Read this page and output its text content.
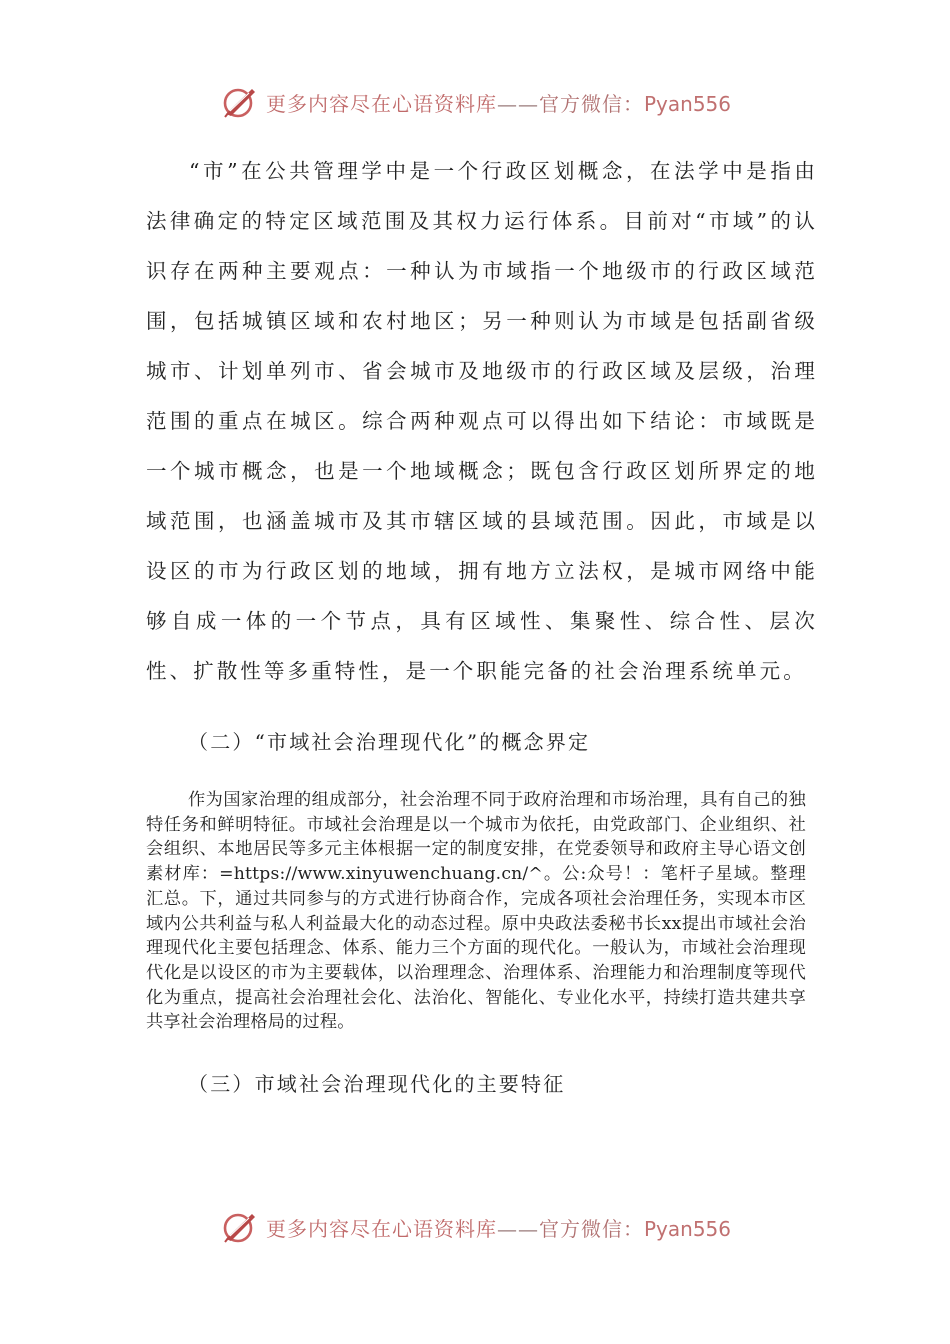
更多内容尽在心语资料库——官方微信：Pyan556

“市”在公共管理学中是一个行政区划概念，在法学中是指由法律确定的特定区域范围及其权力运行体系。目前对“市域”的认识存在两种主要观点：一种认为市域指一个地级市的行政区域范围，包括城镇区域和农村地区；另一种则认为市域是包括副省级城市、计划单列市、省会城市及地级市的行政区域及层级，治理范围的重点在城区。综合两种观点可以得出如下结论：市域既是一个城市概念，也是一个地域概念；既包含行政区划所界定的地域范围，也涵盖城市及其市辖区域的县域范围。因此，市域是以设区的市为行政区划的地域，拥有地方立法权，是城市网络中能够自成一体的一个节点，具有区域性、集聚性、综合性、层次性、扩散性等多重特性，是一个职能完备的社会治理系统单元。

（二）“市域社会治理现代化”的概念界定

作为国家治理的组成部分，社会治理不同于政府治理和市场治理，具有自己的独特任务和鲜明特征。市域社会治理是以一个城市为依托，由党政部门、企业组织、社会组织、本地居民等多元主体根据一定的制度安排，在党委领导和政府主导心语文创素材库：=https://www.xinyuwenchuang.cn/^。公:众号！：笔杆子星域。整理汇总。下，通过共同参与的方式进行协商合作，完成各项社会治理任务，实现本市区域内公共利益与私人利益最大化的动态过程。原中央政法委秘书长xx提出市域社会治理现代化主要包括理念、体系、能力三个方面的现代化。一般认为，市域社会治理现代化是以设区的市为主要载体，以治理理念、治理体系、治理能力和治理制度等现代化为重点，提高社会治理社会化、法治化、智能化、专业化水平，持续打造共建共享共享社会治理格局的过程。

（三）市域社会治理现代化的主要特征

更多内容尽在心语资料库——官方微信：Pyan556
